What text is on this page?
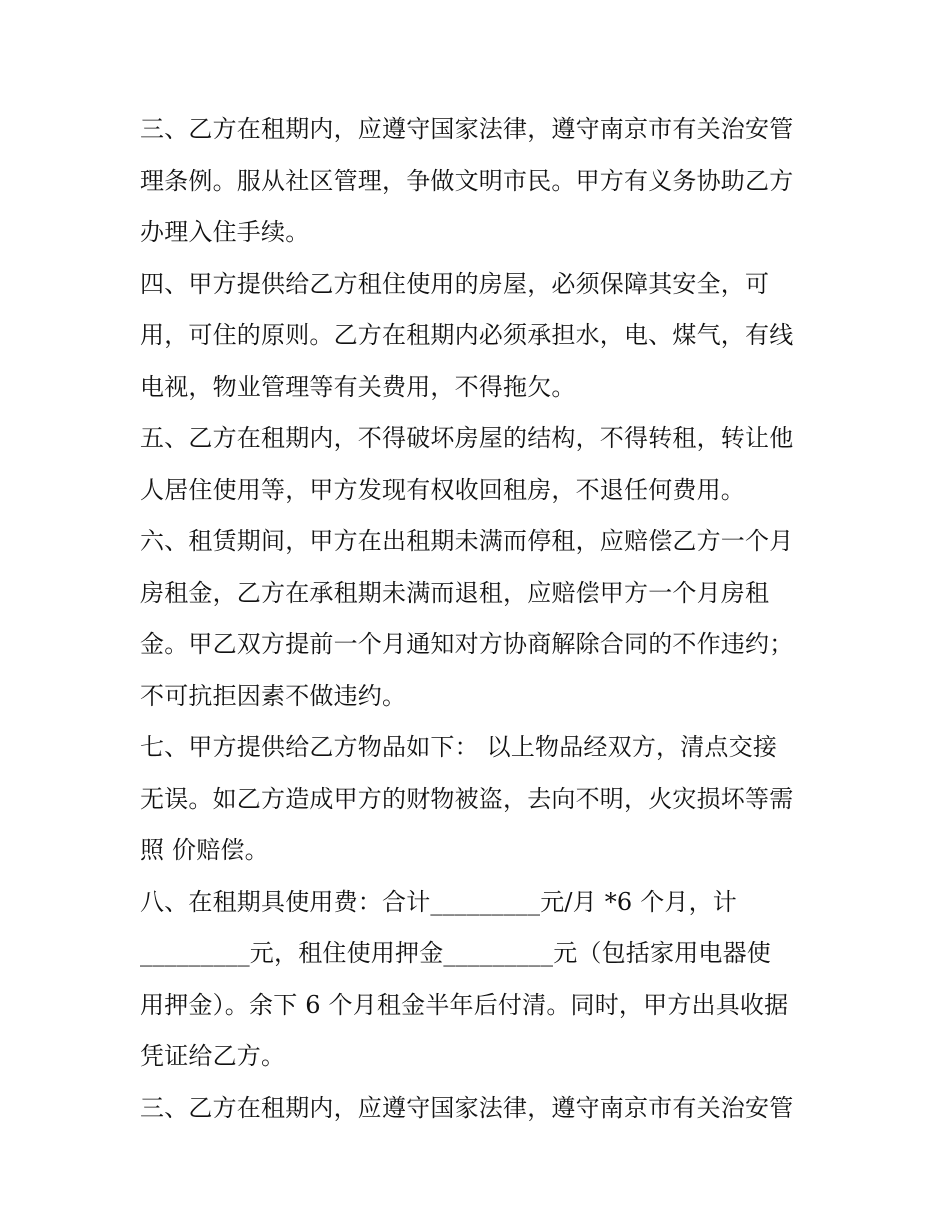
三、乙方在租期内，应遵守国家法律，遵守南京市有关治安管
理条例。服从社区管理，争做文明市民。甲方有义务协助乙方
办理入住手续。
四、甲方提供给乙方租住使用的房屋，必须保障其安全，可
用，可住的原则。乙方在租期内必须承担水，电、煤气，有线
电视，物业管理等有关费用，不得拖欠。
五、乙方在租期内，不得破坏房屋的结构，不得转租，转让他
人居住使用等，甲方发现有权收回租房，不退任何费用。
六、租赁期间，甲方在出租期未满而停租，应赔偿乙方一个月
房租金，乙方在承租期未满而退租，应赔偿甲方一个月房租
金。甲乙双方提前一个月通知对方协商解除合同的不作违约；
不可抗拒因素不做违约。
七、甲方提供给乙方物品如下： 以上物品经双方，清点交接
无误。如乙方造成甲方的财物被盗，去向不明，火灾损坏等需
照 价赔偿。
八、在租期具使用费：合计_________元/月 *6 个月，计
_________元，租住使用押金_________元（包括家用电器使
用押金）。余下 6 个月租金半年后付清。同时，甲方出具收据
凭证给乙方。
三、乙方在租期内，应遵守国家法律，遵守南京市有关治安管
